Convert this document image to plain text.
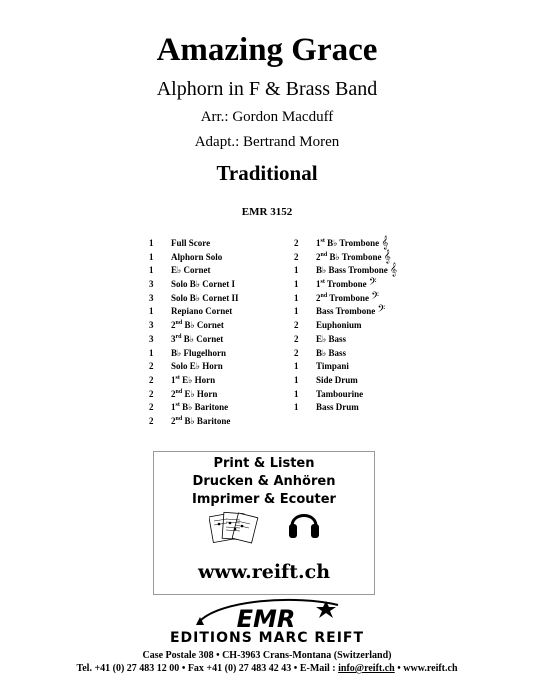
Amazing Grace
Alphorn in F & Brass Band
Arr.: Gordon Macduff
Adapt.: Bertrand Moren
Traditional
EMR 3152
1 Full Score
1 Alphorn Solo
1 E♭ Cornet
3 Solo B♭ Cornet I
3 Solo B♭ Cornet II
1 Repiano Cornet
3 2nd B♭ Cornet
3 3rd B♭ Cornet
1 B♭ Flugelhorn
2 Solo E♭ Horn
2 1st E♭ Horn
2 2nd E♭ Horn
2 1st B♭ Baritone
2 2nd B♭ Baritone
2 1st B♭ Trombone 𝄞
2 2nd B♭ Trombone 𝄞
1 B♭ Bass Trombone 𝄞
1 1st Trombone 𝄢
1 2nd Trombone 𝄢
1 Bass Trombone 𝄢
2 Euphonium
2 E♭ Bass
2 B♭ Bass
1 Timpani
1 Side Drum
1 Tambourine
1 Bass Drum
Print & Listen
Drucken & Anhören
Imprimer & Ecouter
www.reift.ch
EMR
EDITIONS MARC REIFT
Case Postale 308 • CH-3963 Crans-Montana (Switzerland)
Tel. +41 (0) 27 483 12 00 • Fax +41 (0) 27 483 42 43 • E-Mail : info@reift.ch • www.reift.ch
